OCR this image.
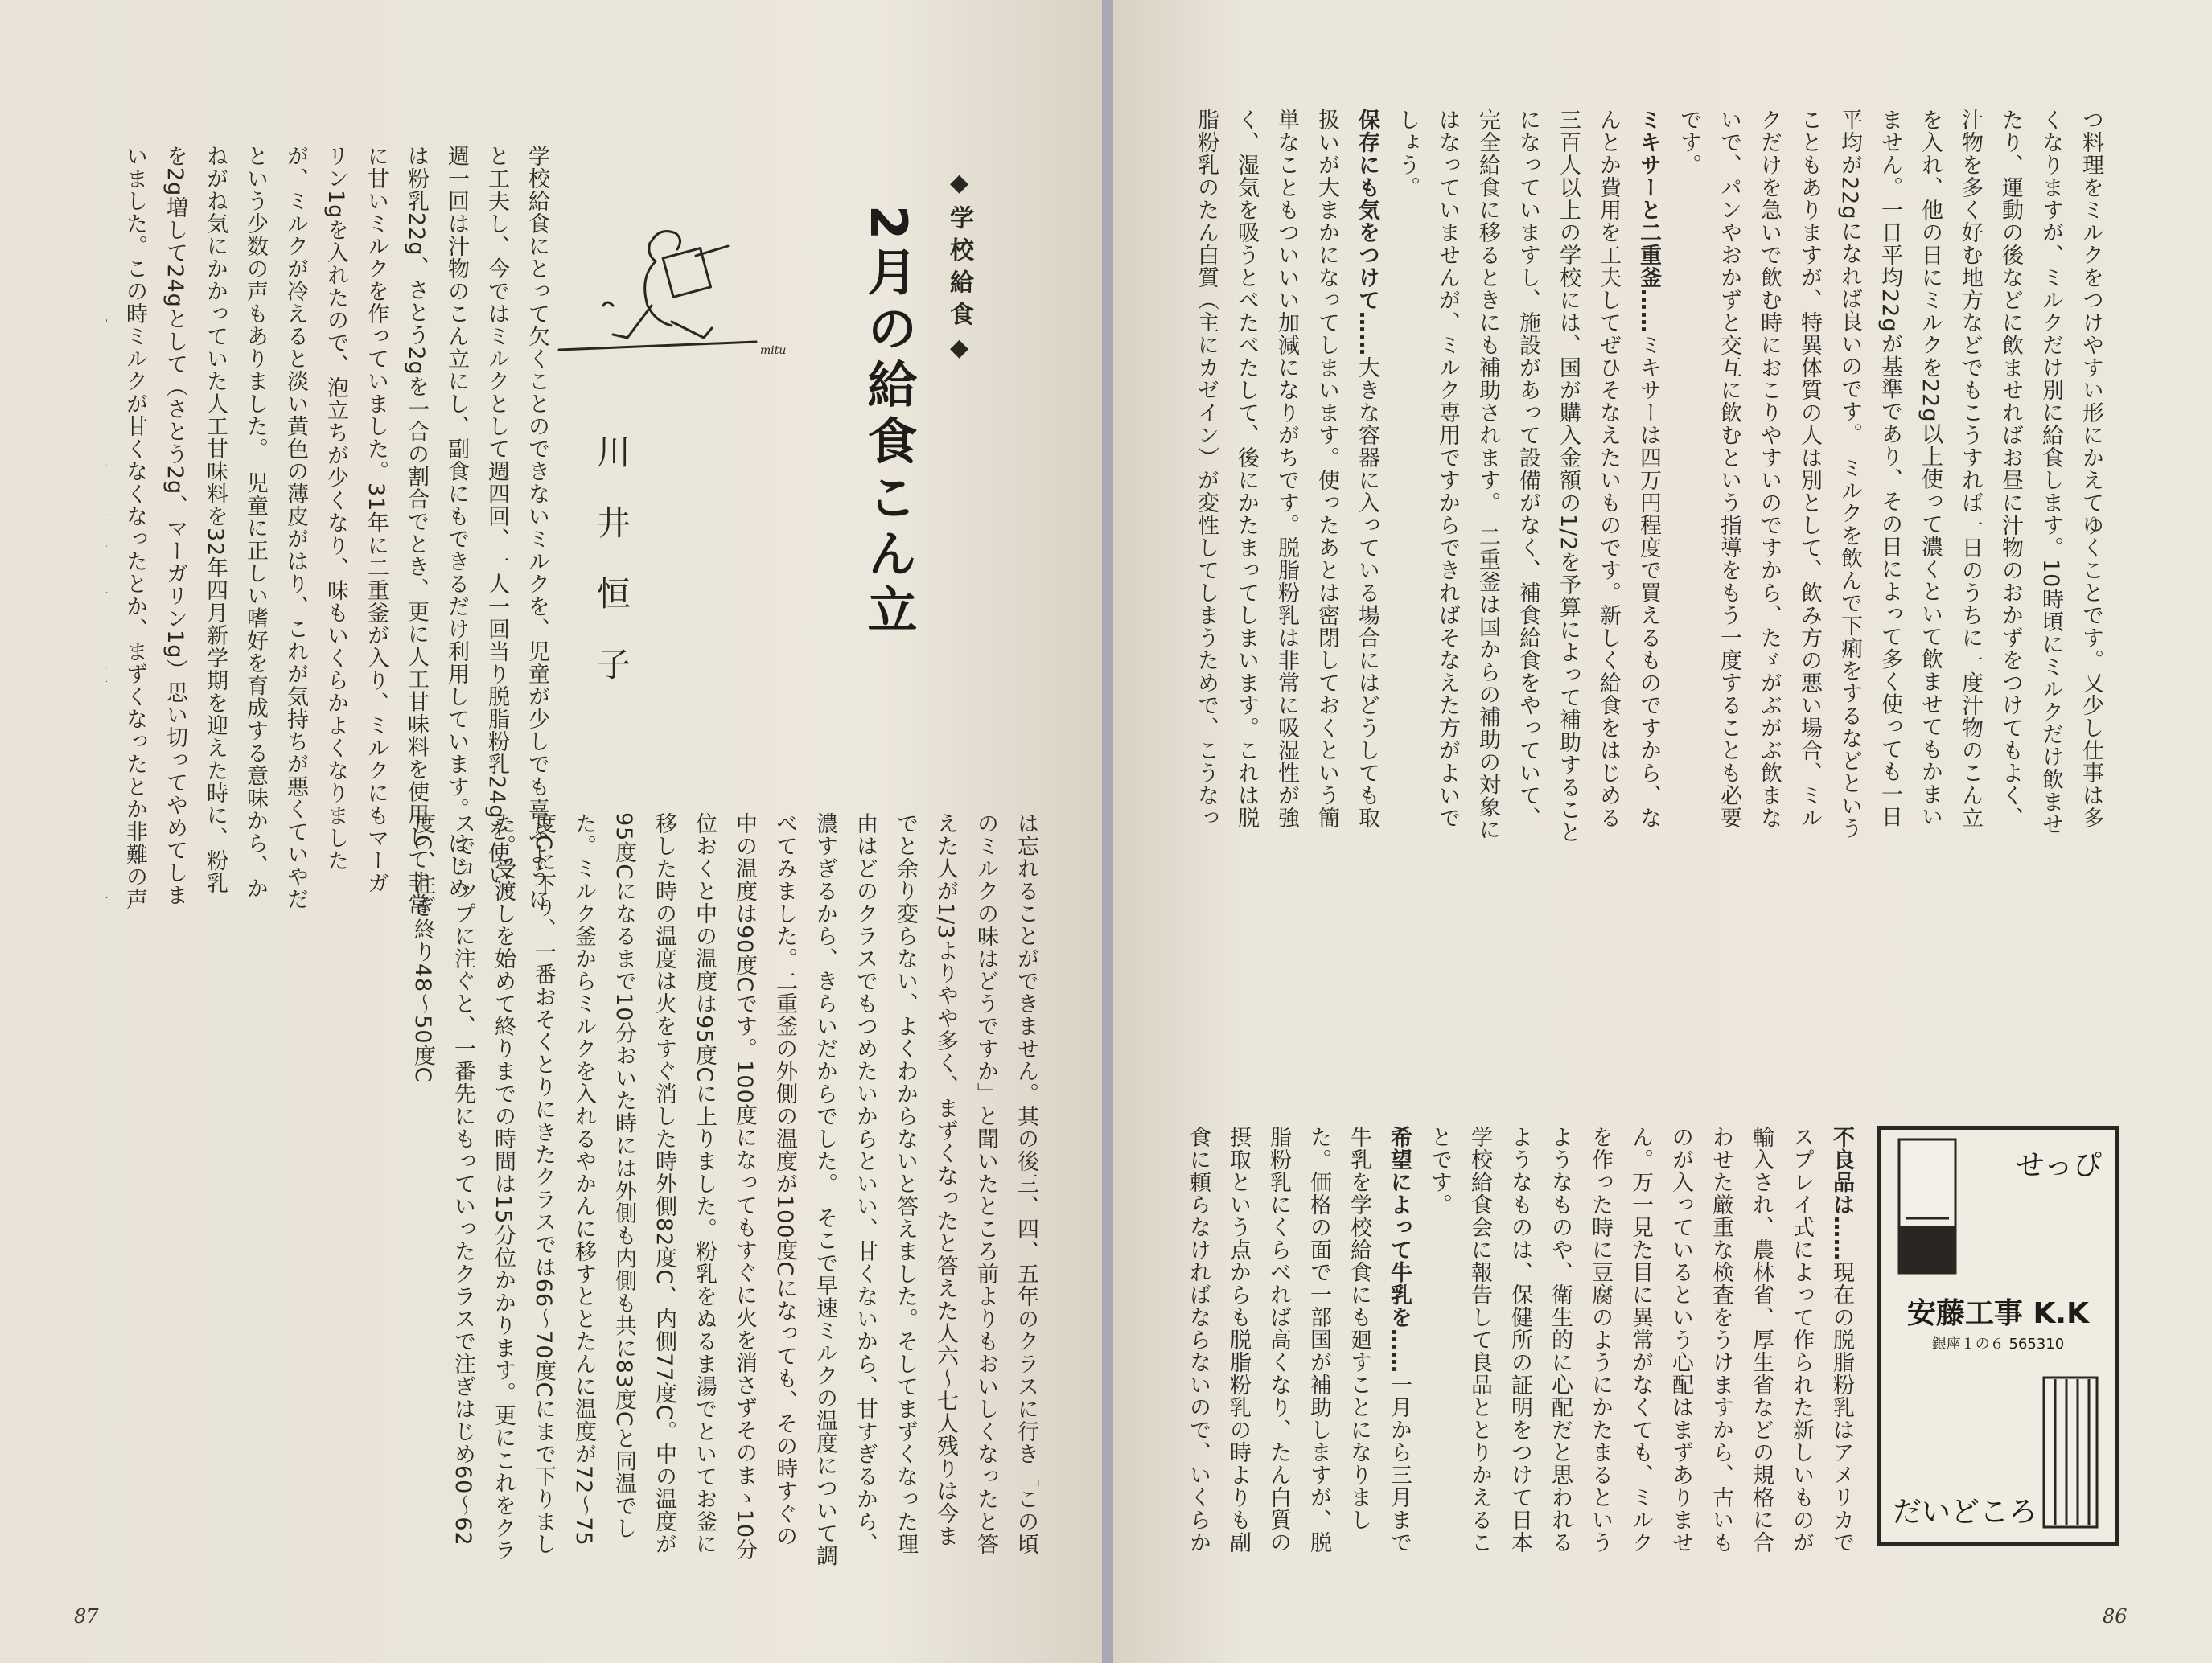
◆学校給食◆
2月の給食こん立
mitu
川井恒子

学校給食にとって欠くことのできないミルクを、児童が少しでも喜ぶようにと工夫し、今ではミルクとして週四回、一人一回当り脱脂粉乳24gを使い、週一回は汁物のこん立にし、副食にもできるだけ利用しています。　はじめは粉乳22g、さとう2gを一合の割合でとき、更に人工甘味料を使用して非常に甘いミルクを作っていました。31年に二重釜が入り、ミルクにもマーガリン1gを入れたので、泡立ちが少くなり、味もいくらかよくなりましたが、ミルクが冷えると淡い黄色の薄皮がはり、これが気持ちが悪くていやだという少数の声もありました。　児童に正しい嗜好を育成する意味から、かねがね気にかかっていた人工甘味料を32年四月新学期を迎えた時に、粉乳を2g増して24gとして（さとう2g、マーガリン1g）思い切ってやめてしまいました。この時ミルクが甘くなくなったとか、まずくなったとか非難の声	は忘れることができません。其の後三、四、五年のクラスに行き「この頃のミルクの味はどうですか」と聞いたところ前よりもおいしくなったと答えた人が1/3よりやや多く、まずくなったと答えた人六〜七人残りは今までと余り変らない、よくわからないと答えました。そしてまずくなった理由はどのクラスでもつめたいからといい、甘くないから、甘すぎるから、濃すぎるから、きらいだからでした。　そこで早速ミルクの温度について調べてみました。二重釜の外側の温度が100度Cになっても、その時すぐの中の温度は90度Cです。100度になってもすぐに火を消さずそのまゝ10分位おくと中の温度は95度Cに上りました。粉乳をぬるま湯でといてお釜に移した時の温度は火をすぐ消した時外側82度C、内側77度C。中の温度が95度Cになるまで10分おいた時には外側も内側も共に83度Cと同温でした。ミルク釜からミルクを入れるやかんに移すととたんに温度が72〜75度Cに下り、一番おそくとりにきたクラスでは66〜70度Cにまで下りました。受渡しを始めて終りまでの時間は15分位かかります。更にこれをクラスでコップに注ぐと、一番先にもっていったクラスで注ぎはじめ60〜62度C、注ぎ終り48〜50度C

87

つ料理をミルクをつけやすい形にかえてゆくことです。又少し仕事は多くなりますが、ミルクだけ別に給食します。10時頃にミルクだけ飲ませたり、運動の後などに飲ませればお昼に汁物のおかずをつけてもよく、汁物を多く好む地方などでもこうすれば一日のうちに一度汁物のこん立を入れ、他の日にミルクを22g以上使って濃くといて飲ませてもかまいません。一日平均22gが基準であり、その日によって多く使っても一日平均が22gになれば良いのです。　ミルクを飲んで下痢をするなどということもありますが、特異体質の人は別として、飲み方の悪い場合、ミルクだけを急いで飲む時におこりやすいのですから、たゞがぶがぶ飲まないで、パンやおかずと交互に飲むという指導をもう一度することも必要です。

ミキサーと二重釜……ミキサーは四万円程度で買えるものですから、なんとか費用を工夫してぜひそなえたいものです。新しく給食をはじめる三百人以上の学校には、国が購入金額の1/2を予算によって補助することになっていますし、施設があって設備がなく、補食給食をやっていて、完全給食に移るときにも補助されます。　二重釜は国からの補助の対象にはなっていませんが、ミルク専用ですからできればそなえた方がよいでしょう。

保存にも気をつけて……大きな容器に入っている場合にはどうしても取扱いが大まかになってしまいます。使ったあとは密閉しておくという簡単なこともついいい加減になりがちです。脱脂粉乳は非常に吸湿性が強く、湿気を吸うとべたべたして、後にかたまってしまいます。これは脱脂粉乳のたん白質（主にカゼイン）が変性してしまうためで、こうなっ　

不良品は……現在の脱脂粉乳はアメリカでスプレイ式によって作られた新しいものが輸入され、農林省、厚生省などの規格に合わせた厳重な検査をうけますから、古いものが入っているという心配はまずありません。万一見た目に異常がなくても、ミルクを作った時に豆腐のようにかたまるというようなものや、衛生的に心配だと思われるようなものは、保健所の証明をつけて日本学校給食会に報告して良品ととりかえることです。

希望によって牛乳を……一月から三月まで牛乳を学校給食にも廻すことになりました。価格の面で一部国が補助しますが、脱脂粉乳にくらべれば高くなり、たん白質の摂取という点からも脱脂粉乳の時よりも副食に頼らなければならないので、いくらか

せっぴ
安藤工事 K.K
銀座１の６ 565310
だいどころ
86
